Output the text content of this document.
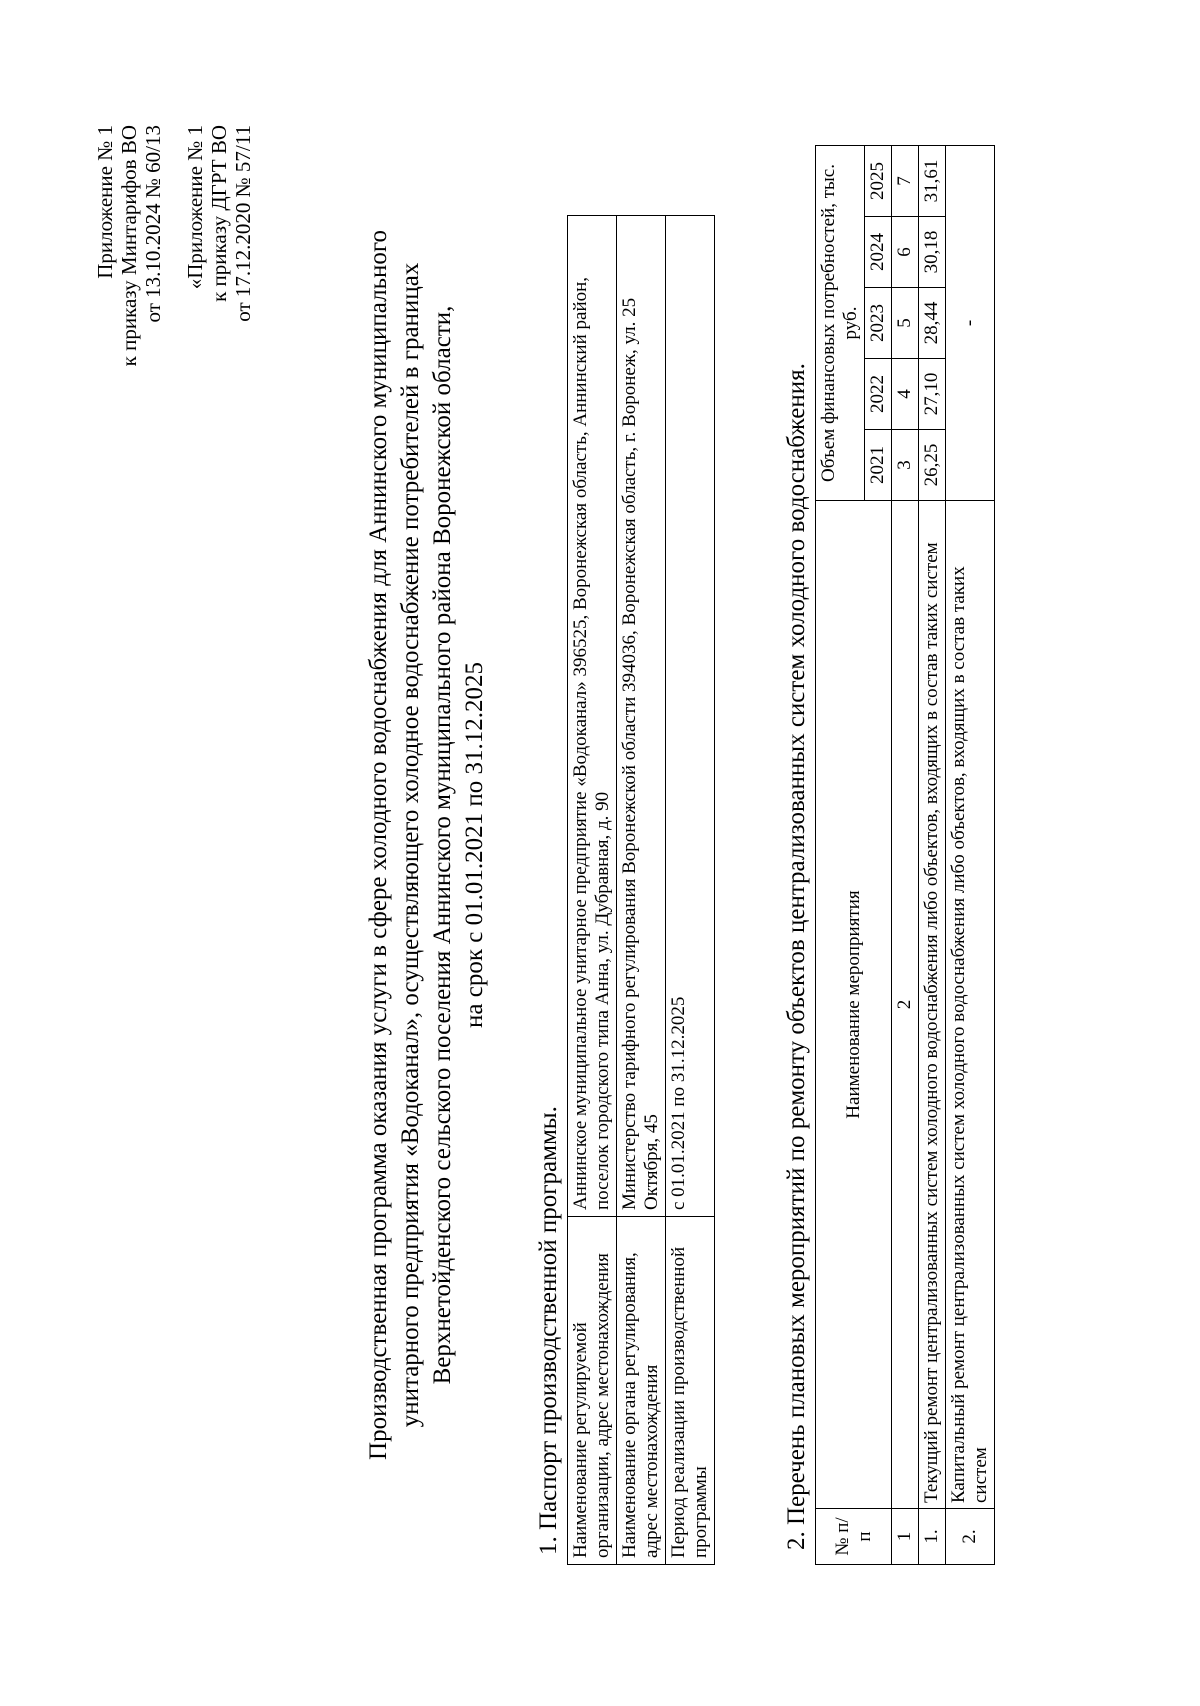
Приложение № 1 к приказу Минтарифов ВО от 13.10.2024 № 60/13 «Приложение № 1 к приказу ДГРТ ВО от 17.12.2020 № 57/11
Производственная программа оказания услуги в сфере холодного водоснабжения для Аннинского муниципального унитарного предприятия «Водоканал», осуществляющего холодное водоснабжение потребителей в границах Верхнетойденского сельского поселения Аннинского муниципального района Воронежской области, на срок с 01.01.2021 по 31.12.2025
1. Паспорт производственной программы. Наименование регулируемой организации, адрес местонахождения	Аннинское муниципальное унитарное предприятие «Водоканал» 396525, Воронежская область, Аннинский район, поселок городского типа Анна, ул. Дубравная, д. 90
Наименование органа регулирования, адрес местонахождения	Министерство тарифного регулирования Воронежской области 394036, Воронежская область, г. Воронеж, ул. 25 Октября, 45
Период реализации производственной программы	с 01.01.2021 по 31.12.2025	2. Перечень плановых мероприятий по ремонту объектов централизованных систем холодного водоснабжения. № п/п	Наименование мероприятия	Объем финансовых потребностей, тыс. руб.				
		2021	2022	2023	2024	2025
1	2	3	4	5	6	7
1.	Текущий ремонт централизованных систем холодного водоснабжения либо объектов, входящих в состав таких систем	26,25	27,10	28,44	30,18	31,61
2.	Капитальный ремонт централизованных систем холодного водоснабжения либо объектов, входящих в состав таких систем	-				
